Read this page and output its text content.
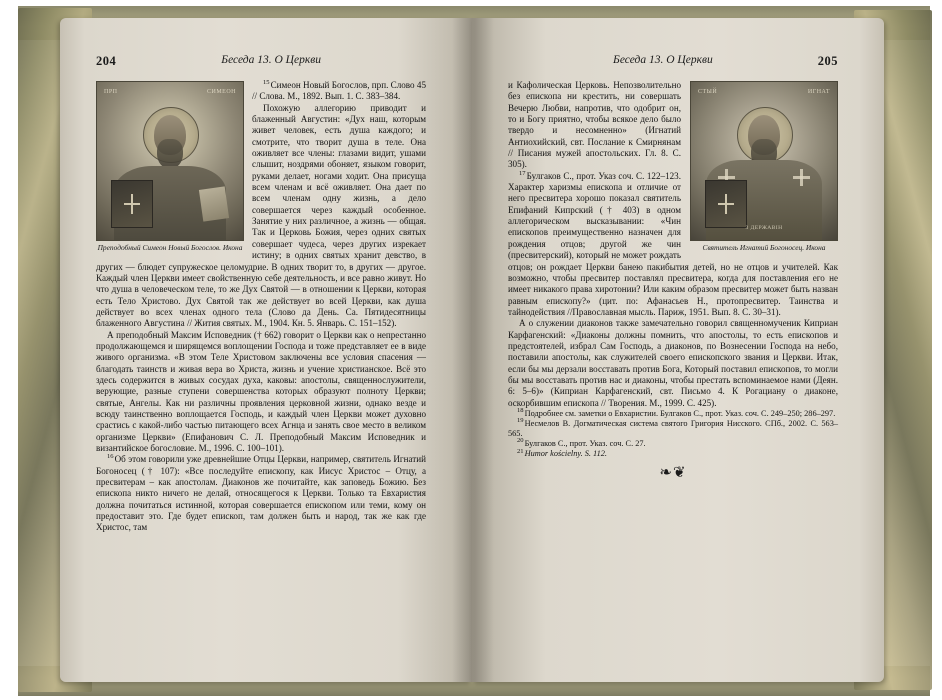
204	Беседа 13. О Церкви
ПРП	СИМЕОН
Преподобный Симеон Новый Богослов. Икона

$^{15}$Симеон Новый Богослов, прп. Слово 45 // Слова. М., 1892. Вып. 1. С. 383–384.

Похожую аллегорию приводит и блаженный Августин: «Дух наш, которым живет человек, есть душа каждого; и смотрите, что творит душа в теле. Она оживляет все члены: глазами видит, ушами слышит, ноздрями обоняет, языком говорит, руками делает, ногами ходит. Она присуща всем членам и всё оживляет. Она дает по всем членам одну жизнь, а дело совершается через каждый особенное. Занятие у них различное, а жизнь — общая. Так и Церковь Божия, через одних святых совершает чудеса, через других изрекает истину; в одних святых хранит девство, в других — блюдет супружеское целомудрие. В одних творит то, в других — другое. Каждый член Церкви имеет свойственную себе деятельность, и все равно живут. Но что душа в человеческом теле, то же Дух Святой — в отношении к Церкви, которая есть Тело Христово. Дух Святой так же действует во всей Церкви, как душа действует во всех членах одного тела (Слово да День. Са. Пятидесятницы блаженного Августина // Жития святых. М., 1904. Кн. 5. Январь. С. 151–152).

А преподобный Максим Исповедник († 662) говорит о Церкви как о непрестанно продолжающемся и ширящемся воплощении Господа и тоже представляет ее в виде живого организма. «В этом Теле Христовом заключены все условия спасения — благодать таинств и живая вера во Христа, жизнь и учение христианское. Всё это здесь содержится в живых сосудах духа, каковы: апостолы, священнослужители, верующие, разные ступени совершенства которых образуют полноту Церкви; святые, Ангелы. Как ни различны проявления церковной жизни, однако везде и всюду таинственно воплощается Господь, и каждый член Церкви может духовно срастись с какой-либо частью питающего всех Агнца и занять свое место в великом организме Церкви» (Епифанович С. Л. Преподобный Максим Исповедник и византийское богословие. М., 1996. С. 100–101).

$^{16}$Об этом говорили уже древнейшие Отцы Церкви, например, святитель Игнатий Богоносец († 107): «Все последуйте епископу, как Иисус Христос – Отцу, а пресвитерам – как апостолам. Диаконов же почитайте, как заповедь Божию. Без епископа никто ничего не делай, относящегося к Церкви. Только та Евхаристия должна почитаться истинной, которая совершается епископом или теми, кому он предоставит это. Где будет епископ, там должен быть и народ, так же как где Христос, там

205
Беседа 13. О Церкви
СТЫЙ	ИГНАТ
З ДЕРЖАВІН
Святитель Игнатий Богоносец. Икона

и Кафолическая Церковь. Непозволительно без епископа ни крестить, ни совершать Вечерю Любви, напротив, что одобрит он, то и Богу приятно, чтобы всякое дело было твердо и несомненно» (Игнатий Антиохийский, свт. Послание к Смирнянам // Писания мужей апостольских. Гл. 8. С. 305).

$^{17}$Булгаков С., прот. Указ соч. С. 122–123. Характер харизмы епископа и отличие от него пресвитера хорошо показал святитель Епифаний Кипрский († 403) в одном аллегорическом высказывании: «Чин епископов преимущественно назначен для рождения отцов; другой же чин (пресвитерский), который не может рождать отцов; он рождает Церкви банею пакибытия детей, но не отцов и учителей. Как возможно, чтобы пресвитер поставлял пресвитера, когда для поставления его не имеет никакого права хиротонии? Или каким образом пресвитер может быть назван равным епископу?» (цит. по: Афанасьев Н., протопресвитер. Таинства и тайнодействия //Православная мысль. Париж, 1951. Вып. 8. С. 30–31).

А о служении диаконов также замечательно говорил священномученик Киприан Карфагенский: «Диаконы должны помнить, что апостолы, то есть епископов и предстоятелей, избрал Сам Господь, а диаконов, по Вознесении Господа на небо, поставили апостолы, как служителей своего епископского звания и Церкви. Итак, если бы мы дерзали восставать против Бога, Который поставил епископов, то могли бы мы восставать против нас и диаконы, чтобы престать вспоминаемое нами (Деян. 6: 5–6)» (Киприан Карфагенский, свт. Письмо 4. К Рогациану о диаконе, оскорбившим епископа // Творения. М., 1999. С. 425).

$^{18}$Подробнее см. заметки о Евхаристии. Булгаков С., прот. Указ. соч. С. 249–250; 286–297.

$^{19}$Несмелов В. Догматическая система святого Григория Нисского. СПб., 2002. С. 563–565.

$^{20}$Булгаков С., прот. Указ. соч. С. 27.

$^{21}$Humor kościelny. S. 112.

❧❦
